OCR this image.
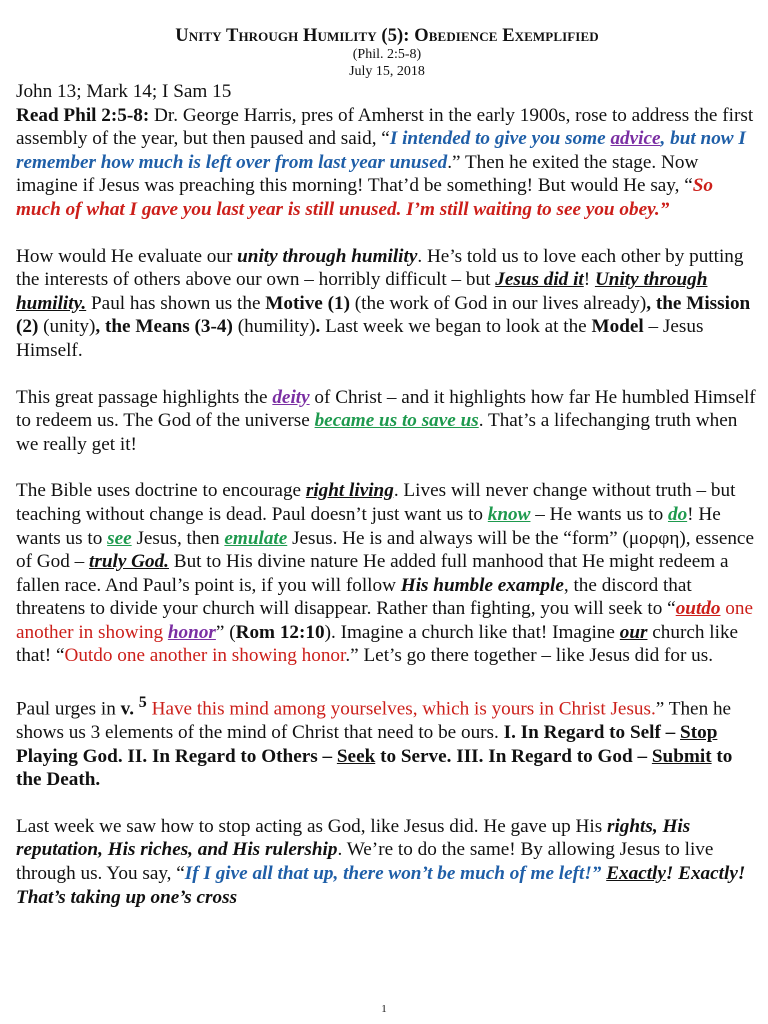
Unity Through Humility (5): Obedience Exemplified
(Phil. 2:5-8)
July 15, 2018

John 13; Mark 14; I Sam 15
Read Phil 2:5-8: Dr. George Harris, pres of Amherst in the early 1900s, rose to address the first assembly of the year, but then paused and said, “I intended to give you some advice, but now I remember how much is left over from last year unused.” Then he exited the stage. Now imagine if Jesus was preaching this morning! That’d be something! But would He say, “So much of what I gave you last year is still unused. I’m still waiting to see you obey.”

How would He evaluate our unity through humility. He’s told us to love each other by putting the interests of others above our own – horribly difficult – but Jesus did it! Unity through humility. Paul has shown us the Motive (1) (the work of God in our lives already), the Mission (2) (unity), the Means (3-4) (humility). Last week we began to look at the Model – Jesus Himself.

This great passage highlights the deity of Christ – and it highlights how far He humbled Himself to redeem us. The God of the universe became us to save us. That’s a lifechanging truth when we really get it!

The Bible uses doctrine to encourage right living. Lives will never change without truth – but teaching without change is dead. Paul doesn’t just want us to know – He wants us to do! He wants us to see Jesus, then emulate Jesus. He is and always will be the “form” (μορφη), essence of God – truly God. But to His divine nature He added full manhood that He might redeem a fallen race. And Paul’s point is, if you will follow His humble example, the discord that threatens to divide your church will disappear. Rather than fighting, you will seek to “outdo one another in showing honor” (Rom 12:10). Imagine a church like that! Imagine our church like that! “Outdo one another in showing honor.” Let’s go there together – like Jesus did for us.

Paul urges in v. $^5$ Have this mind among yourselves, which is yours in Christ Jesus.” Then he shows us 3 elements of the mind of Christ that need to be ours. I. In Regard to Self – Stop Playing God. II. In Regard to Others – Seek to Serve. III. In Regard to God – Submit to the Death.

Last week we saw how to stop acting as God, like Jesus did. He gave up His rights, His reputation, His riches, and His rulership. We’re to do the same! By allowing Jesus to live through us. You say, “If I give all that up, there won’t be much of me left!” Exactly! Exactly! That’s taking up one’s cross

1
